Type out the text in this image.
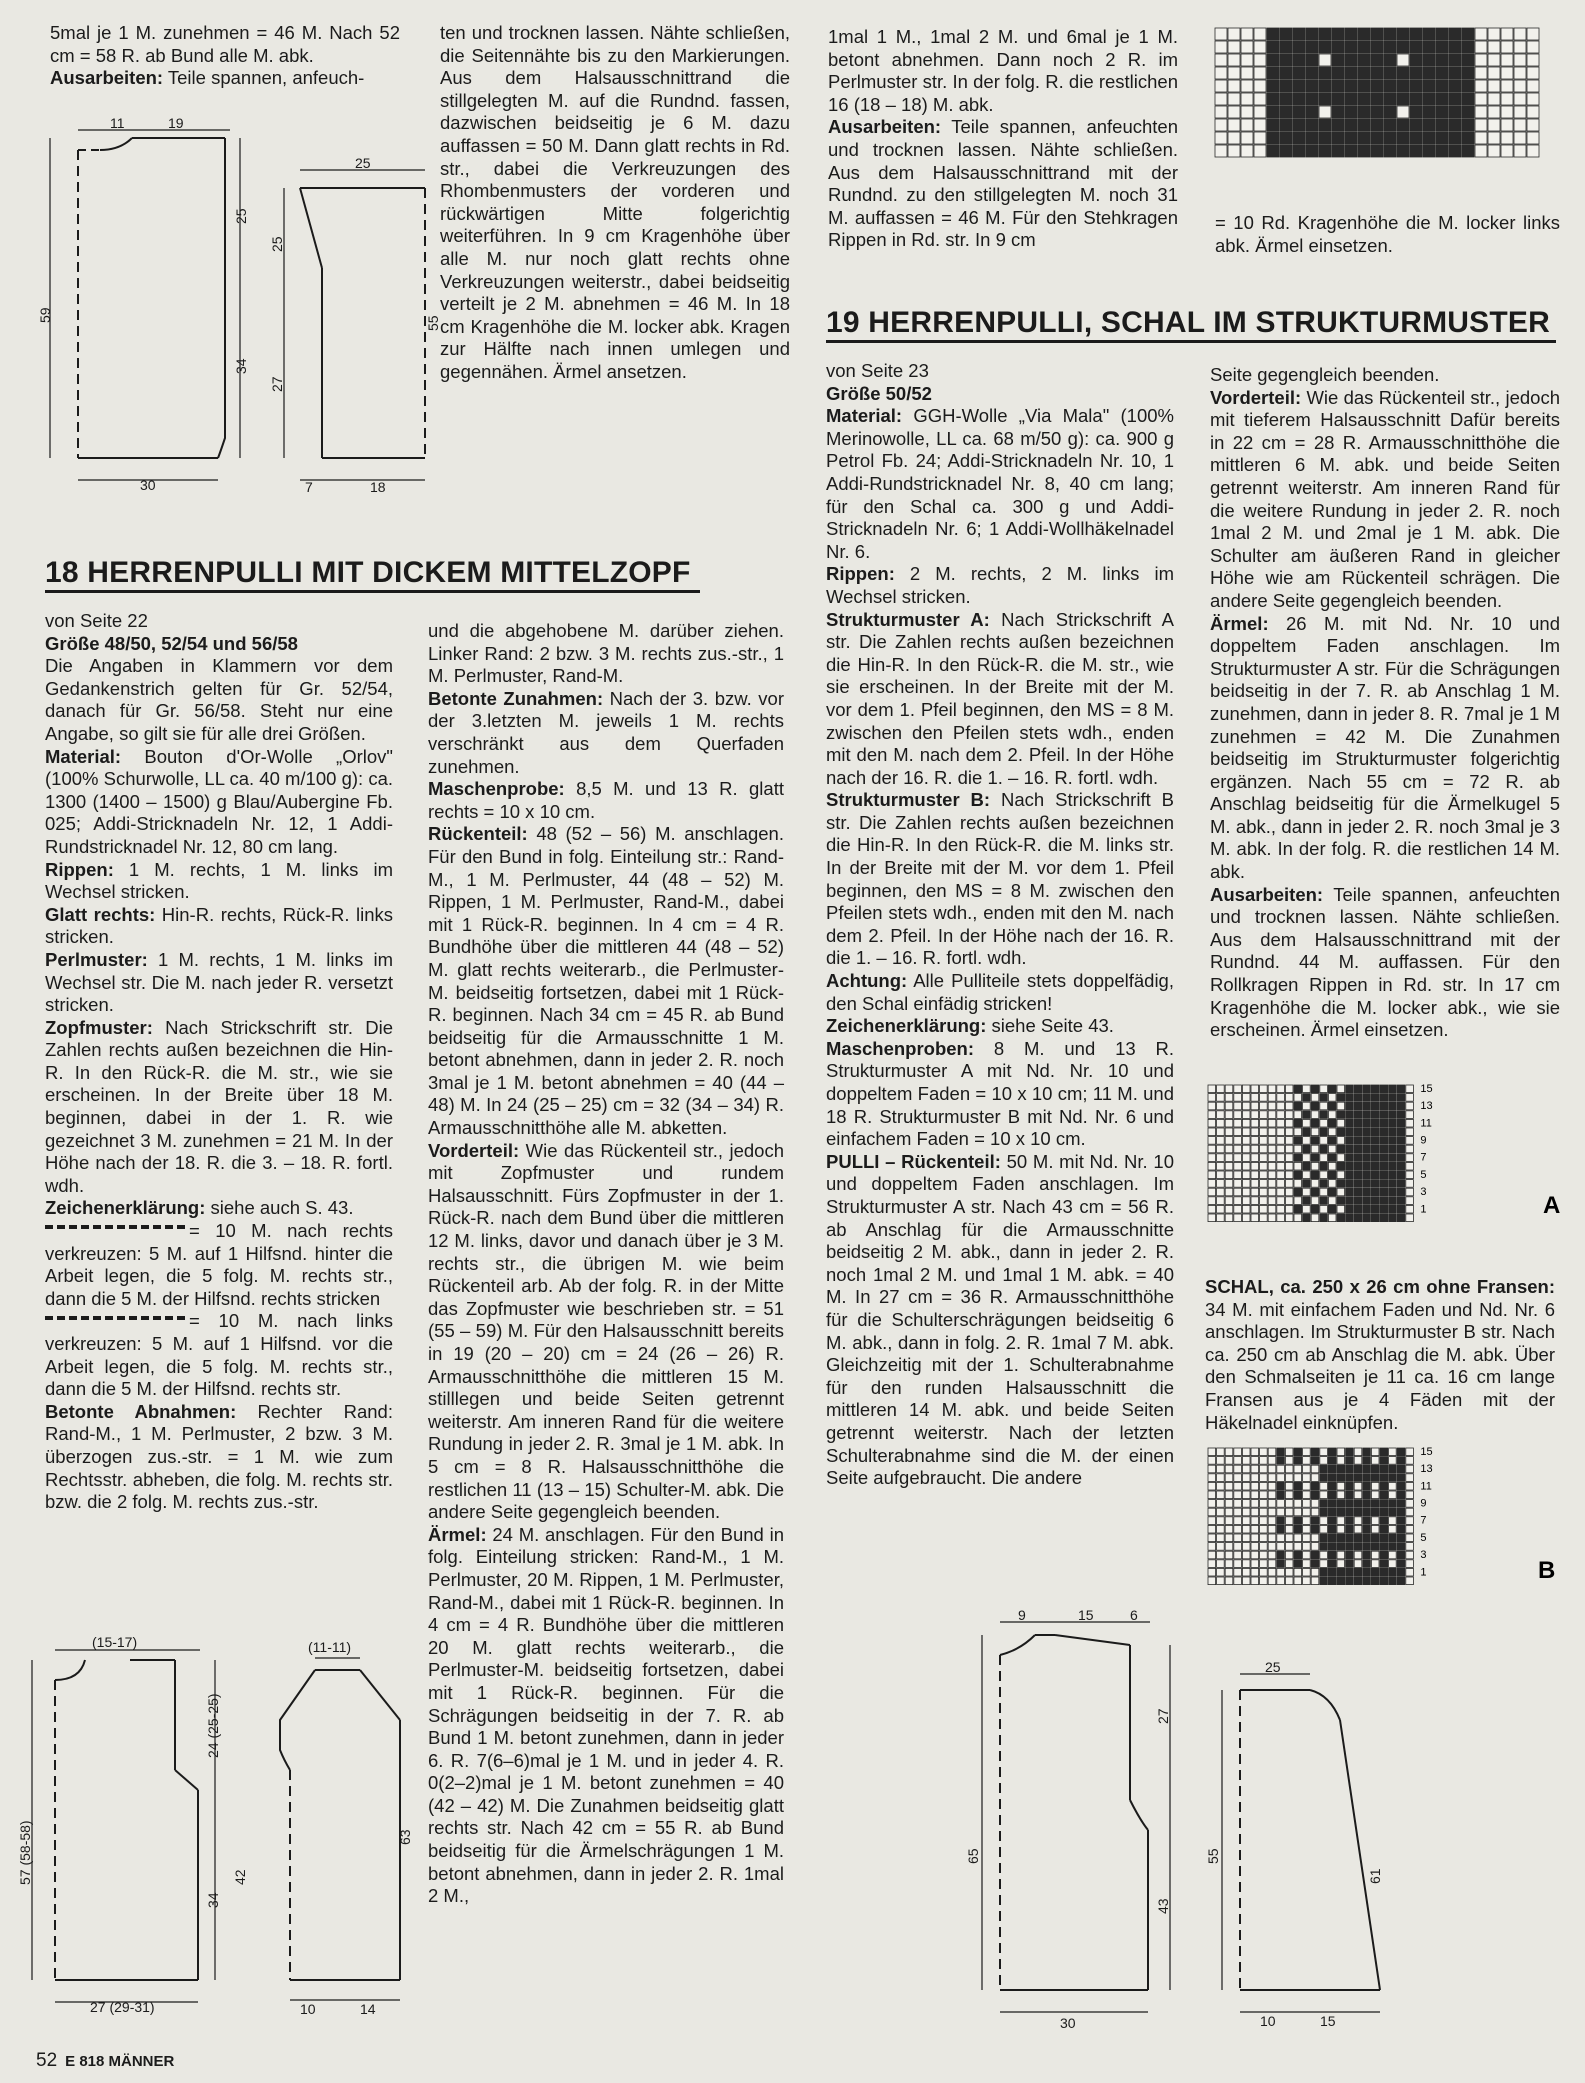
5mal je 1 M. zunehmen = 46 M. Nach 52 cm = 58 R. ab Bund alle M. abk.

Ausarbeiten: Teile spannen, anfeuch-

11	19
30
59
25
34
25
7	18
25
27
55

ten und trocknen lassen. Nähte schließen, die Seitennähte bis zu den Markierungen. Aus dem Halsausschnittrand die stillgelegten M. auf die Rundnd. fassen, dazwischen beidseitig je 6 M. dazu auffassen = 50 M. Dann glatt rechts in Rd. str., dabei die Verkreuzungen des Rhombenmusters der vorderen und rückwärtigen Mitte folgerichtig weiterführen. In 9 cm Kragenhöhe über alle M. nur noch glatt rechts ohne Verkreuzungen weiterstr., dabei beidseitig verteilt je 2 M. abnehmen = 46 M. In 18 cm Kragenhöhe die M. locker abk. Kragen zur Hälfte nach innen umlegen und gegennähen. Ärmel ansetzen.

1mal 1 M., 1mal 2 M. und 6mal je 1 M. betont abnehmen. Dann noch 2 R. im Perlmuster str. In der folg. R. die restlichen 16 (18 – 18) M. abk.

Ausarbeiten: Teile spannen, anfeuchten und trocknen lassen. Nähte schließen. Aus dem Halsausschnittrand mit der Rundnd. zu den stillgelegten M. noch 31 M. auffassen = 46 M. Für den Stehkragen Rippen in Rd. str. In 9 cm

= 10 Rd. Kragenhöhe die M. locker links abk. Ärmel einsetzen.

18 HERRENPULLI MIT DICKEM MITTELZOPF

von Seite 22

Größe 48/50, 52/54 und 56/58

Die Angaben in Klammern vor dem Gedankenstrich gelten für Gr. 52/54, danach für Gr. 56/58. Steht nur eine Angabe, so gilt sie für alle drei Größen.

Material: Bouton d'Or-Wolle „Orlov" (100% Schurwolle, LL ca. 40 m/100 g): ca. 1300 (1400 – 1500) g Blau/Aubergine Fb. 025; Addi-Stricknadeln Nr. 12, 1 Addi-Rundstricknadel Nr. 12, 80 cm lang.

Rippen: 1 M. rechts, 1 M. links im Wechsel stricken.

Glatt rechts: Hin-R. rechts, Rück-R. links stricken.

Perlmuster: 1 M. rechts, 1 M. links im Wechsel str. Die M. nach jeder R. versetzt stricken.

Zopfmuster: Nach Strickschrift str. Die Zahlen rechts außen bezeichnen die Hin-R. In den Rück-R. die M. str., wie sie erscheinen. In der Breite über 18 M. beginnen, dabei in der 1. R. wie gezeichnet 3 M. zunehmen = 21 M. In der Höhe nach der 18. R. die 3. – 18. R. fortl. wdh.

Zeichenerklärung: siehe auch S. 43.

= 10 M. nach rechts verkreuzen: 5 M. auf 1 Hilfsnd. hinter die Arbeit legen, die 5 folg. M. rechts str., dann die 5 M. der Hilfsnd. rechts stricken

= 10 M. nach links verkreuzen: 5 M. auf 1 Hilfsnd. vor die Arbeit legen, die 5 folg. M. rechts str., dann die 5 M. der Hilfsnd. rechts str.

Betonte Abnahmen: Rechter Rand: Rand-M., 1 M. Perlmuster, 2 bzw. 3 M. überzogen zus.-str. = 1 M. wie zum Rechtsstr. abheben, die folg. M. rechts str. bzw. die 2 folg. M. rechts zus.-str.

und die abgehobene M. darüber ziehen. Linker Rand: 2 bzw. 3 M. rechts zus.-str., 1 M. Perlmuster, Rand-M.

Betonte Zunahmen: Nach der 3. bzw. vor der 3.letzten M. jeweils 1 M. rechts verschränkt aus dem Querfaden zunehmen.

Maschenprobe: 8,5 M. und 13 R. glatt rechts = 10 x 10 cm.

Rückenteil: 48 (52 – 56) M. anschlagen. Für den Bund in folg. Einteilung str.: Rand-M., 1 M. Perlmuster, 44 (48 – 52) M. Rippen, 1 M. Perlmuster, Rand-M., dabei mit 1 Rück-R. beginnen. In 4 cm = 4 R. Bundhöhe über die mittleren 44 (48 – 52) M. glatt rechts weiterarb., die Perlmuster-M. beidseitig fortsetzen, dabei mit 1 Rück-R. beginnen. Nach 34 cm = 45 R. ab Bund beidseitig für die Armausschnitte 1 M. betont abnehmen, dann in jeder 2. R. noch 3mal je 1 M. betont abnehmen = 40 (44 – 48) M. In 24 (25 – 25) cm = 32 (34 – 34) R. Armausschnitthöhe alle M. abketten.

Vorderteil: Wie das Rückenteil str., jedoch mit Zopfmuster und rundem Halsausschnitt. Fürs Zopfmuster in der 1. Rück-R. nach dem Bund über die mittleren 12 M. links, davor und danach über je 3 M. rechts str., die übrigen M. wie beim Rückenteil arb. Ab der folg. R. in der Mitte das Zopfmuster wie beschrieben str. = 51 (55 – 59) M. Für den Halsausschnitt bereits in 19 (20 – 20) cm = 24 (26 – 26) R. Armausschnitthöhe die mittleren 15 M. stilllegen und beide Seiten getrennt weiterstr. Am inneren Rand für die weitere Rundung in jeder 2. R. 3mal je 1 M. abk. In 5 cm = 8 R. Halsausschnitthöhe die restlichen 11 (13 – 15) Schulter-M. abk. Die andere Seite gegengleich beenden.

Ärmel: 24 M. anschlagen. Für den Bund in folg. Einteilung stricken: Rand-M., 1 M. Perlmuster, 20 M. Rippen, 1 M. Perlmuster, Rand-M., dabei mit 1 Rück-R. beginnen. In 4 cm = 4 R. Bundhöhe über die mittleren 20 M. glatt rechts weiterarb., die Perlmuster-M. beidseitig fortsetzen, dabei mit 1 Rück-R. beginnen. Für die Schrägungen beidseitig in der 7. R. ab Bund 1 M. betont zunehmen, dann in jeder 6. R. 7(6–6)mal je 1 M. und in jeder 4. R. 0(2–2)mal je 1 M. betont zunehmen = 40 (42 – 42) M. Die Zunahmen beidseitig glatt rechts str. Nach 42 cm = 55 R. ab Bund beidseitig für die Ärmelschrägungen 1 M. betont abnehmen, dann in jeder 2. R. 1mal 2 M.,

(15-17)
27 (29-31)
57 (58-58)
24 (25-25)
34
(11-11)
10	14
63
42
19 HERRENPULLI, SCHAL IM STRUKTURMUSTER

von Seite 23

Größe 50/52

Material: GGH-Wolle „Via Mala" (100% Merinowolle, LL ca. 68 m/50 g): ca. 900 g Petrol Fb. 24; Addi-Stricknadeln Nr. 10, 1 Addi-Rundstricknadel Nr. 8, 40 cm lang; für den Schal ca. 300 g und Addi-Stricknadeln Nr. 6; 1 Addi-Wollhäkelnadel Nr. 6.

Rippen: 2 M. rechts, 2 M. links im Wechsel stricken.

Strukturmuster A: Nach Strickschrift A str. Die Zahlen rechts außen bezeichnen die Hin-R. In den Rück-R. die M. str., wie sie erscheinen. In der Breite mit der M. vor dem 1. Pfeil beginnen, den MS = 8 M. zwischen den Pfeilen stets wdh., enden mit den M. nach dem 2. Pfeil. In der Höhe nach der 16. R. die 1. – 16. R. fortl. wdh.

Strukturmuster B: Nach Strickschrift B str. Die Zahlen rechts außen bezeichnen die Hin-R. In den Rück-R. die M. links str. In der Breite mit der M. vor dem 1. Pfeil beginnen, den MS = 8 M. zwischen den Pfeilen stets wdh., enden mit den M. nach dem 2. Pfeil. In der Höhe nach der 16. R. die 1. – 16. R. fortl. wdh.

Achtung: Alle Pulliteile stets doppelfädig, den Schal einfädig stricken!

Zeichenerklärung: siehe Seite 43.

Maschenproben: 8 M. und 13 R. Strukturmuster A mit Nd. Nr. 10 und doppeltem Faden = 10 x 10 cm; 11 M. und 18 R. Strukturmuster B mit Nd. Nr. 6 und einfachem Faden = 10 x 10 cm.

PULLI – Rückenteil: 50 M. mit Nd. Nr. 10 und doppeltem Faden anschlagen. Im Strukturmuster A str. Nach 43 cm = 56 R. ab Anschlag für die Armausschnitte beidseitig 2 M. abk., dann in jeder 2. R. noch 1mal 2 M. und 1mal 1 M. abk. = 40 M. In 27 cm = 36 R. Armausschnitthöhe für die Schulterschrägungen beidseitig 6 M. abk., dann in folg. 2. R. 1mal 7 M. abk. Gleichzeitig mit der 1. Schulterabnahme für den runden Halsausschnitt die mittleren 14 M. abk. und beide Seiten getrennt weiterstr. Nach der letzten Schulterabnahme sind die M. der einen Seite aufgebraucht. Die andere

Seite gegengleich beenden.

Vorderteil: Wie das Rückenteil str., jedoch mit tieferem Halsausschnitt Dafür bereits in 22 cm = 28 R. Armausschnitthöhe die mittleren 6 M. abk. und beide Seiten getrennt weiterstr. Am inneren Rand für die weitere Rundung in jeder 2. R. noch 1mal 2 M. und 2mal je 1 M. abk. Die Schulter am äußeren Rand in gleicher Höhe wie am Rückenteil schrägen. Die andere Seite gegengleich beenden.

Ärmel: 26 M. mit Nd. Nr. 10 und doppeltem Faden anschlagen. Im Strukturmuster A str. Für die Schrägungen beidseitig in der 7. R. ab Anschlag 1 M. zunehmen, dann in jeder 8. R. 7mal je 1 M zunehmen = 42 M. Die Zunahmen beidseitig im Strukturmuster folgerichtig ergänzen. Nach 55 cm = 72 R. ab Anschlag beidseitig für die Ärmelkugel 5 M. abk., dann in jeder 2. R. noch 3mal je 3 M. abk. In der folg. R. die restlichen 14 M. abk.

Ausarbeiten: Teile spannen, anfeuchten und trocknen lassen. Nähte schließen. Aus dem Halsausschnittrand mit der Rundnd. 44 M. auffassen. Für den Rollkragen Rippen in Rd. str. In 17 cm Kragenhöhe die M. locker abk., wie sie erscheinen. Ärmel einsetzen.

15
13
11
9
7
5
3
1	A

SCHAL, ca. 250 x 26 cm ohne Fransen: 34 M. mit einfachem Faden und Nd. Nr. 6 anschlagen. Im Strukturmuster B str. Nach ca. 250 cm ab Anschlag die M. abk. Über den Schmalseiten je 11 ca. 16 cm lange Fransen aus je 4 Fäden mit der Häkelnadel einknüpfen.

15
13
11
9
7
5
3
1	B
9	15	6
30
65
27
43
25
10	15
55
61
52 E 818 MÄNNER
